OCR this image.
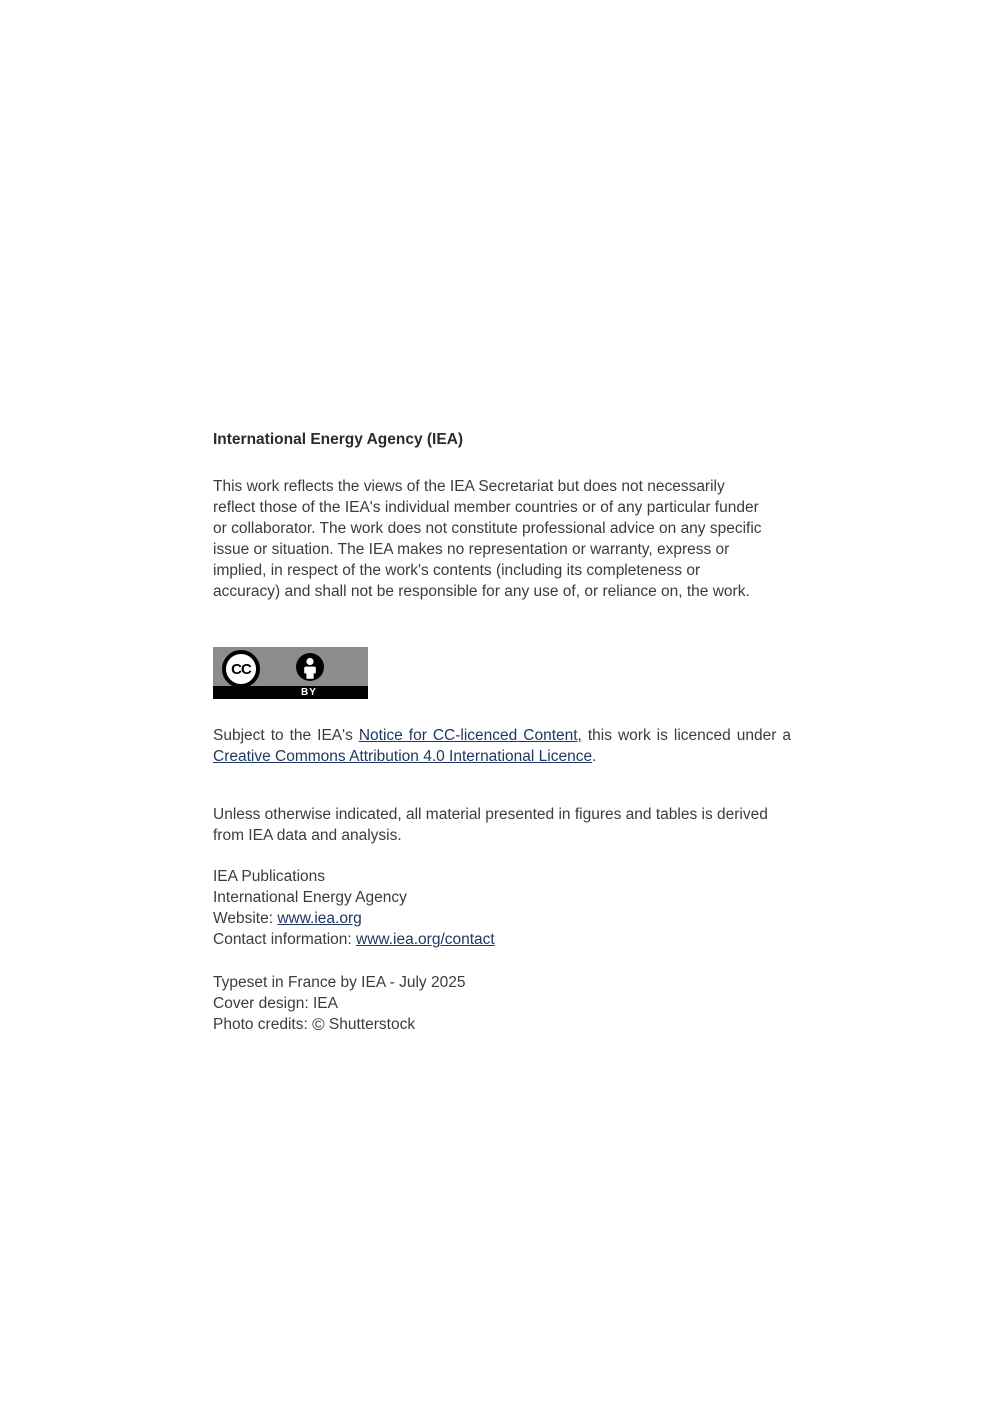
International Energy Agency (IEA)

This work reflects the views of the IEA Secretariat but does not necessarily reflect those of the IEA's individual member countries or of any particular funder or collaborator. The work does not constitute professional advice on any specific issue or situation. The IEA makes no representation or warranty, express or implied, in respect of the work's contents (including its completeness or accuracy) and shall not be responsible for any use of, or reliance on, the work.

CC
BY

Subject to the IEA's Notice for CC-licenced Content, this work is licenced under a Creative Commons Attribution 4.0 International Licence.

Unless otherwise indicated, all material presented in figures and tables is derived from IEA data and analysis.

IEA Publications
International Energy Agency
Website: www.iea.org
Contact information: www.iea.org/contact
Typeset in France by IEA - July 2025
Cover design: IEA
Photo credits: © Shutterstock
